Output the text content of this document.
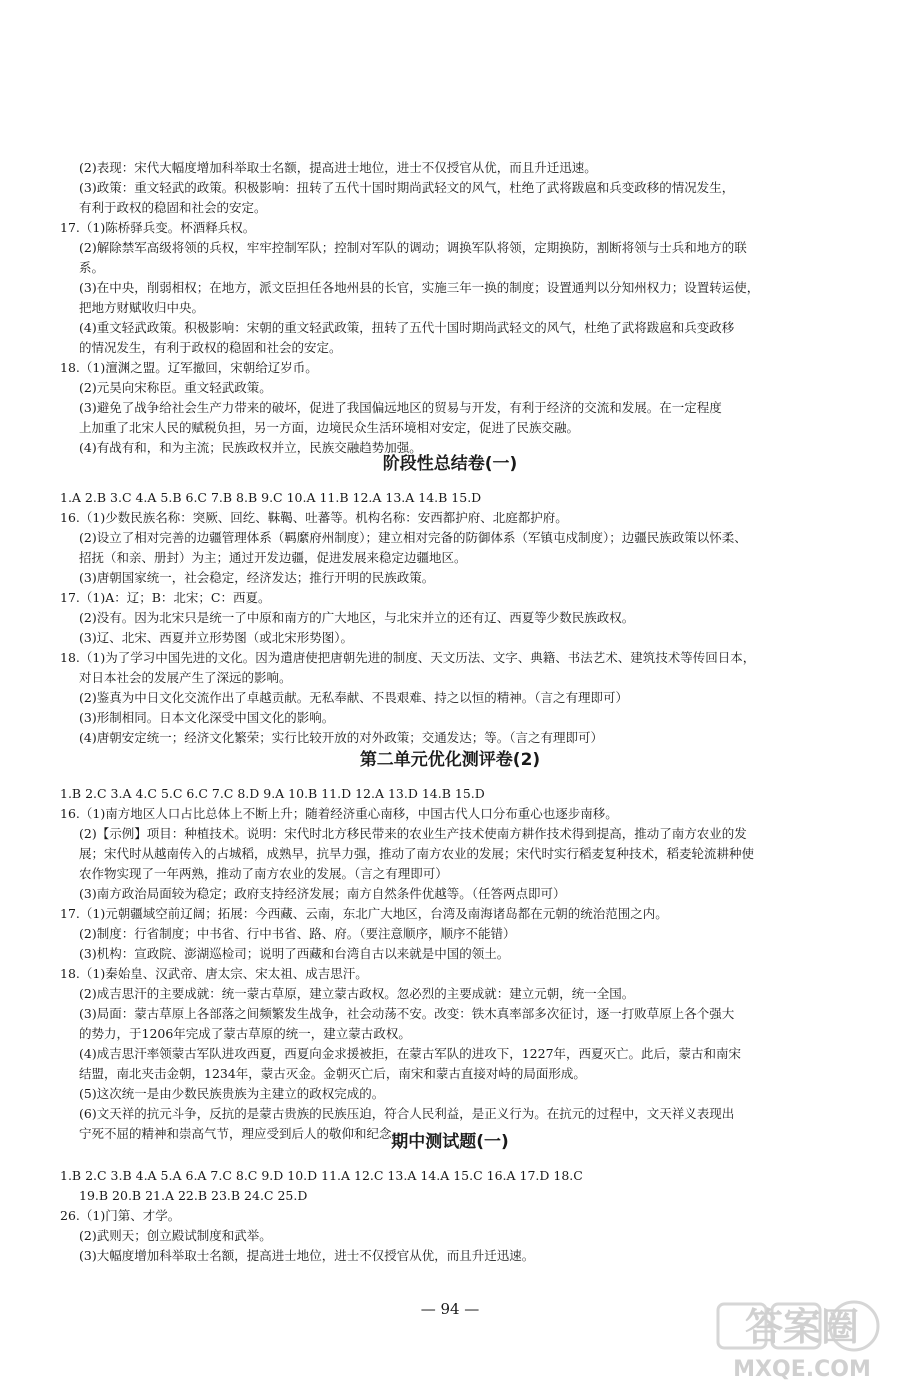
(2)表现：宋代大幅度增加科举取士名额，提高进士地位，进士不仅授官从优，而且升迁迅速。
(3)政策：重文轻武的政策。积极影响：扭转了五代十国时期尚武轻文的风气，杜绝了武将跋扈和兵变政移的情况发生，
有利于政权的稳固和社会的安定。
17.（1)陈桥驿兵变。杯酒释兵权。
(2)解除禁军高级将领的兵权，牢牢控制军队；控制对军队的调动；调换军队将领，定期换防，割断将领与士兵和地方的联
系。
(3)在中央，削弱相权；在地方，派文臣担任各地州县的长官，实施三年一换的制度；设置通判以分知州权力；设置转运使，
把地方财赋收归中央。
(4)重文轻武政策。积极影响：宋朝的重文轻武政策，扭转了五代十国时期尚武轻文的风气，杜绝了武将跋扈和兵变政移
的情况发生，有利于政权的稳固和社会的安定。
18.（1)澶渊之盟。辽军撤回，宋朝给辽岁币。
(2)元昊向宋称臣。重文轻武政策。
(3)避免了战争给社会生产力带来的破坏，促进了我国偏远地区的贸易与开发，有利于经济的交流和发展。在一定程度
上加重了北宋人民的赋税负担，另一方面，边境民众生活环境相对安定，促进了民族交融。
(4)有战有和，和为主流；民族政权并立，民族交融趋势加强。
1.A 2.B 3.C 4.A 5.B 6.C 7.B 8.B 9.C 10.A 11.B 12.A 13.A 14.B 15.D
16.（1)少数民族名称：突厥、回纥、靺鞨、吐蕃等。机构名称：安西都护府、北庭都护府。
(2)设立了相对完善的边疆管理体系（羁縻府州制度）；建立相对完备的防御体系（军镇屯戍制度）；边疆民族政策以怀柔、
招抚（和亲、册封）为主；通过开发边疆，促进发展来稳定边疆地区。
(3)唐朝国家统一，社会稳定，经济发达；推行开明的民族政策。
17.（1)A：辽；B：北宋；C：西夏。
(2)没有。因为北宋只是统一了中原和南方的广大地区，与北宋并立的还有辽、西夏等少数民族政权。
(3)辽、北宋、西夏并立形势图（或北宋形势图）。
18.（1)为了学习中国先进的文化。因为遣唐使把唐朝先进的制度、天文历法、文字、典籍、书法艺术、建筑技术等传回日本，
对日本社会的发展产生了深远的影响。
(2)鉴真为中日文化交流作出了卓越贡献。无私奉献、不畏艰难、持之以恒的精神。（言之有理即可）
(3)形制相同。日本文化深受中国文化的影响。
(4)唐朝安定统一；经济文化繁荣；实行比较开放的对外政策；交通发达；等。（言之有理即可）
1.B 2.C 3.A 4.C 5.C 6.C 7.C 8.D 9.A 10.B 11.D 12.A 13.D 14.B 15.D
16.（1)南方地区人口占比总体上不断上升；随着经济重心南移，中国古代人口分布重心也逐步南移。
(2)【示例】项目：种植技术。说明：宋代时北方移民带来的农业生产技术使南方耕作技术得到提高，推动了南方农业的发
展；宋代时从越南传入的占城稻，成熟早，抗旱力强，推动了南方农业的发展；宋代时实行稻麦复种技术，稻麦轮流耕种使
农作物实现了一年两熟，推动了南方农业的发展。（言之有理即可）
(3)南方政治局面较为稳定；政府支持经济发展；南方自然条件优越等。（任答两点即可）
17.（1)元朝疆域空前辽阔；拓展：今西藏、云南，东北广大地区，台湾及南海诸岛都在元朝的统治范围之内。
(2)制度：行省制度；中书省、行中书省、路、府。（要注意顺序，顺序不能错）
(3)机构：宣政院、澎湖巡检司；说明了西藏和台湾自古以来就是中国的领土。
18.（1)秦始皇、汉武帝、唐太宗、宋太祖、成吉思汗。
(2)成吉思汗的主要成就：统一蒙古草原，建立蒙古政权。忽必烈的主要成就：建立元朝，统一全国。
(3)局面：蒙古草原上各部落之间频繁发生战争，社会动荡不安。改变：铁木真率部多次征讨，逐一打败草原上各个强大
的势力，于1206年完成了蒙古草原的统一，建立蒙古政权。
(4)成吉思汗率领蒙古军队进攻西夏，西夏向金求援被拒，在蒙古军队的进攻下，1227年，西夏灭亡。此后，蒙古和南宋
结盟，南北夹击金朝，1234年，蒙古灭金。金朝灭亡后，南宋和蒙古直接对峙的局面形成。
(5)这次统一是由少数民族贵族为主建立的政权完成的。
(6)文天祥的抗元斗争，反抗的是蒙古贵族的民族压迫，符合人民利益，是正义行为。在抗元的过程中，文天祥义表现出
宁死不屈的精神和崇高气节，理应受到后人的敬仰和纪念。
1.B 2.C 3.B 4.A 5.A 6.A 7.C 8.C 9.D 10.D 11.A 12.C 13.A 14.A 15.C 16.A 17.D 18.C
19.B 20.B 21.A 22.B 23.B 24.C 25.D
26.（1)门第、才学。
(2)武则天；创立殿试制度和武举。
(3)大幅度增加科举取士名额，提高进士地位，进士不仅授官从优，而且升迁迅速。
阶段性总结卷(一)
第二单元优化测评卷(2)
期中测试题(一)
— 94 —	答案圈
MXQE.COM
